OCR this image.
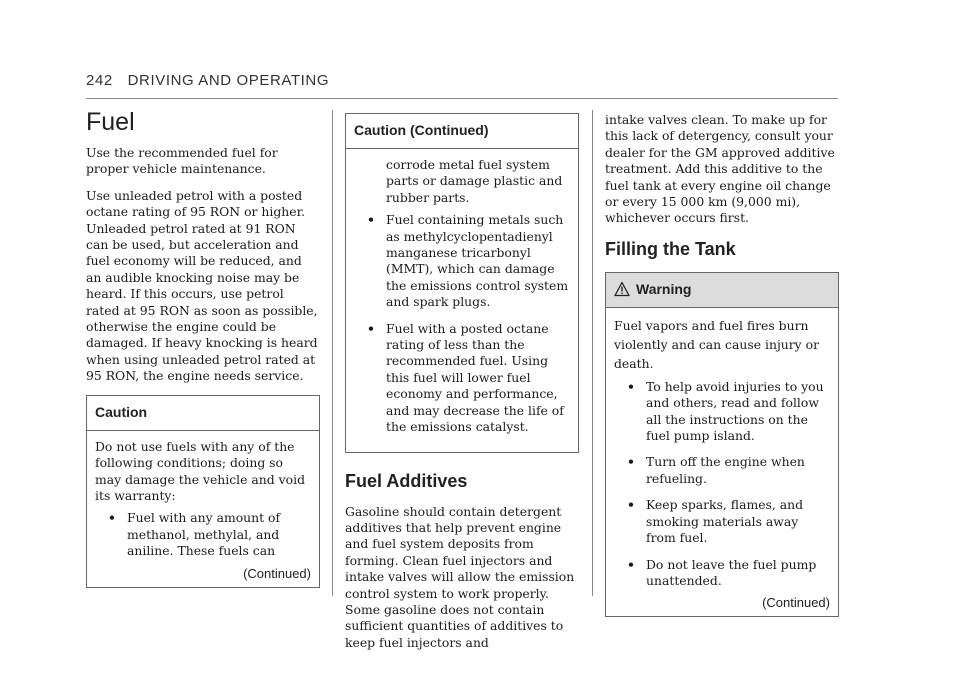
242 DRIVING AND OPERATING
Fuel

Use the recommended fuel for proper vehicle maintenance.

Use unleaded petrol with a posted octane rating of 95 RON or higher. Unleaded petrol rated at 91 RON can be used, but acceleration and fuel economy will be reduced, and an audible knocking noise may be heard. If this occurs, use petrol rated at 95 RON as soon as possible, otherwise the engine could be damaged. If heavy knocking is heard when using unleaded petrol rated at 95 RON, the engine needs service.

Caution

Do not use fuels with any of the following conditions; doing so may damage the vehicle and void its warranty:

• Fuel with any amount of methanol, methylal, and aniline. These fuels can
(Continued)
Caution (Continued)

corrode metal fuel system parts or damage plastic and rubber parts.

• Fuel containing metals such as methylcyclopentadienyl manganese tricarbonyl (MMT), which can damage the emissions control system and spark plugs.
• Fuel with a posted octane rating of less than the recommended fuel. Using this fuel will lower fuel economy and performance, and may decrease the life of the emissions catalyst.
Fuel Additives

Gasoline should contain detergent additives that help prevent engine and fuel system deposits from forming. Clean fuel injectors and intake valves will allow the emission control system to work properly. Some gasoline does not contain sufficient quantities of additives to keep fuel injectors and

intake valves clean. To make up for this lack of detergency, consult your dealer for the GM approved additive treatment. Add this additive to the fuel tank at every engine oil change or every 15 000 km (9,000 mi), whichever occurs first.

Filling the Tank
Warning

Fuel vapors and fuel fires burn violently and can cause injury or death.

• To help avoid injuries to you and others, read and follow all the instructions on the fuel pump island.
• Turn off the engine when refueling.
• Keep sparks, flames, and smoking materials away from fuel.
• Do not leave the fuel pump unattended.
(Continued)
